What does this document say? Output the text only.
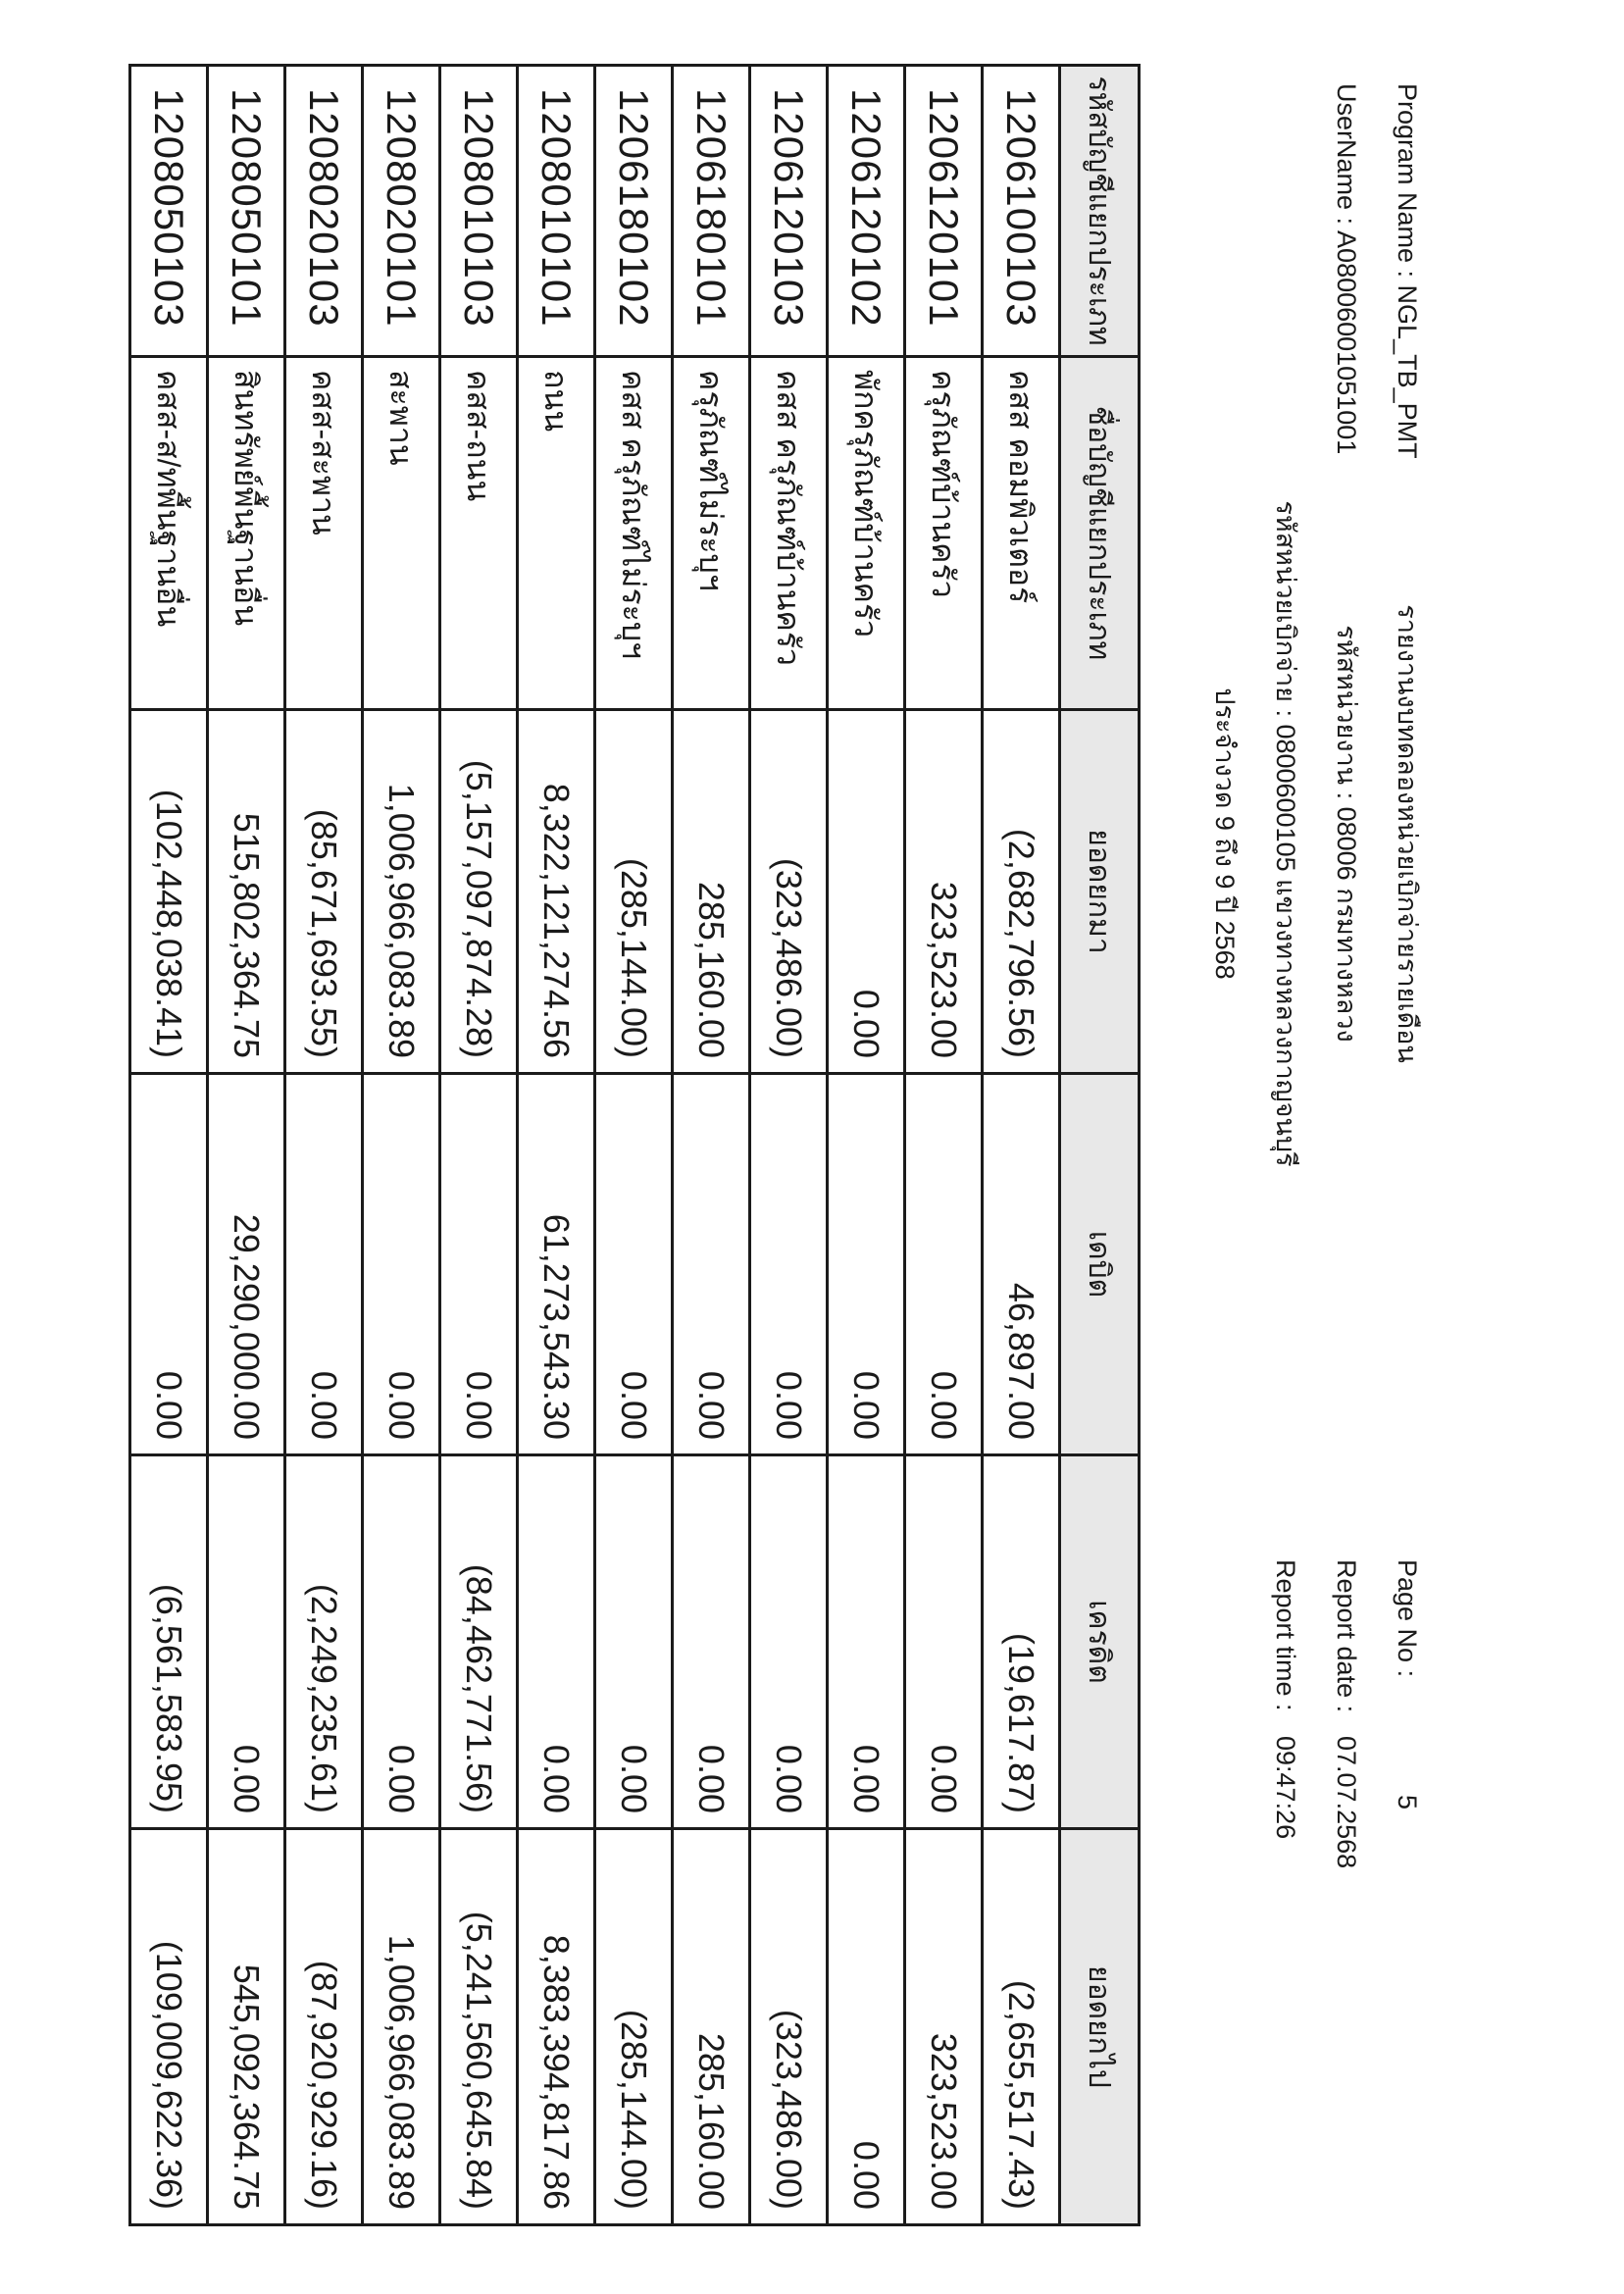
Program Name : NGL_TB_PMT
UserName : A08006001051001
รายงานงบทดลองหน่วยเบิกจ่ายรายเดือน
รหัสหน่วยงาน : 08006 กรมทางหลวง
รหัสหน่วยเบิกจ่าย : 0800600105 แขวงทางหลวงกาญจนบุรี
ประจำงวด 9 ถึง 9 ปี 2568
Page No :
5
Report date :
07.07.2568
Report time :
09:47:26
รหัสบัญชีแยกประเภท	ชื่อบัญชีแยกประเภท	ยอดยกมา	เดบิต	เครดิต	ยอดยกไป
1206100103	คสส คอมพิวเตอร์	(2,682,796.56)	46,897.00	(19,617.87)	(2,655,517.43)
1206120101	ครุภัณฑ์บ้านครัว	323,523.00	0.00	0.00	323,523.00
1206120102	พักครุภัณฑ์บ้านครัว	0.00	0.00	0.00	0.00
1206120103	คสส ครุภัณฑ์บ้านครัว	(323,486.00)	0.00	0.00	(323,486.00)
1206180101	ครุภัณฑ์ไม่ระบุฯ	285,160.00	0.00	0.00	285,160.00
1206180102	คสส ครุภัณฑ์ไม่ระบุฯ	(285,144.00)	0.00	0.00	(285,144.00)
1208010101	ถนน	8,322,121,274.56	61,273,543.30	0.00	8,383,394,817.86
1208010103	คสส-ถนน	(5,157,097,874.28)	0.00	(84,462,771.56)	(5,241,560,645.84)
1208020101	สะพาน	1,006,966,083.89	0.00	0.00	1,006,966,083.89
1208020103	คสส-สะพาน	(85,671,693.55)	0.00	(2,249,235.61)	(87,920,929.16)
1208050101	สินทรัพย์พื้นฐานอื่น	515,802,364.75	29,290,000.00	0.00	545,092,364.75
1208050103	คสส-ส/ทพื้นฐานอื่น	(102,448,038.41)	0.00	(6,561,583.95)	(109,009,622.36)
